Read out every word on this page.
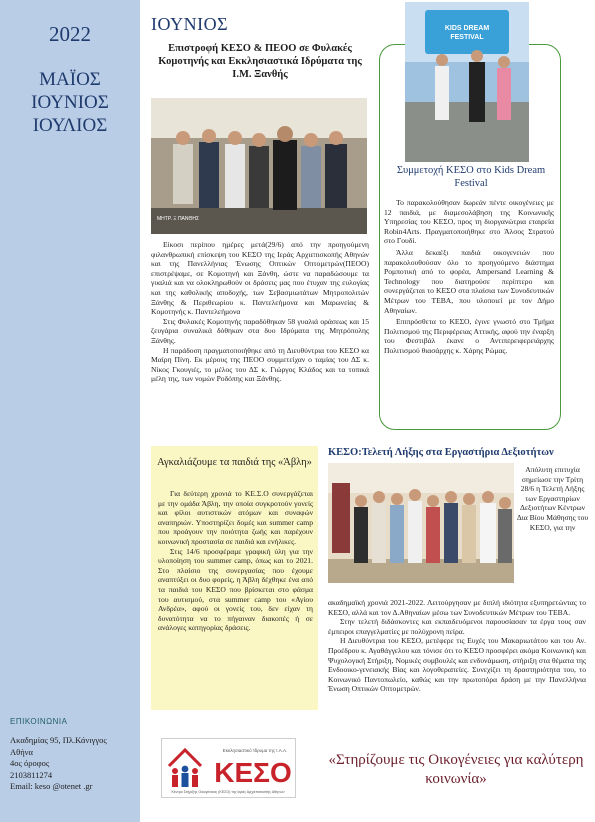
2022
ΜΑΪΟΣ
ΙΟΥΝΙΟΣ
ΙΟΥΛΙΟΣ
ΕΠΙΚΟΙΝΩΝΙΑ
Ακαδημίας 95, Πλ.Κάνιγγος
Αθήνα
4ος όροφος
2103811274
Email: keso @otenet .gr
ΙΟΥΝΙΟΣ
Επιστροφή ΚΕΣΟ & ΠΕΟΟ σε Φυλακές Κομοτηνής και Εκκλησιαστικά Ιδρύματα της Ι.Μ. Ξανθής
ΜΗΤΡ. Ξ ΠΑΝΘΗΣ

Είκοσι περίπου ημέρες μετά(29/6) από την προηγούμενη φιλανθρωπική επίσκεψη του ΚΕΣΟ της Ιεράς Αρχιεπισκοπής Αθηνών και της Πανελλήνιας Ένωσης Οπτικών Οπτομετρών(ΠΕΟΟ) επιστρέψαμε, σε Κομοτηνή και Ξάνθη, ώστε να παραδώσουμε τα γυαλιά και να ολοκληρωθούν οι δράσεις μας που έτυχαν της ευλογίας και της καθολικής αποδοχής, των Σεβασμιωτάτων Μητροπολιτών Ξάνθης & Περιθεωρίου κ. Παντελεήμονα και Μαρωνείας & Κομοτηνής κ. Παντελεήμονα

Στις Φυλακές Κομοτηνής παραδόθηκαν 58 γυαλιά οράσεως και 15 ζευγάρια συναλικά δόθηκαν στα δυο Ιδρύματα της Μητρόπολης Ξάνθης.

Η παράδοση πραγματοποιήθηκε από τη Διευθύντρια του ΚΕΣΟ κα Μαίρη Πίνη. Εκ μέρους της ΠΕΟΟ συμμετείχαν ο ταμίας του ΔΣ κ. Νίκος Γκουγιές, το μέλος του ΔΣ κ. Γιώργος Κλάδος και τα τοπικά μέλη της, των νομών Ροδόπης και Ξάνθης.

KIDS DREAM FESTIVAL
Συμμετοχή ΚΕΣΟ στο Kids Dream Festival

Το παρακολούθησαν δωρεάν πέντε οικογένειες με 12 παιδιά, με διαμεσολάβηση της Κοινωνικής Υπηρεσίας του ΚΕΣΟ, προς τη διοργανώτρια εταιρεία Robin4Arts. Πραγματοποιήθηκε στο Άλσος Στρατού στο Γουδί.

Άλλα δεκαέξι παιδιά οικογενειών που παρακολουθούσαν όλο το προηγούμενο διάστημα Ρομποτική από το φορέα, Ampersand Learning & Technology που διατηρούσε περίπτερο και συνεργάζεται το ΚΕΣΟ στα πλαίσια των Συνοδευτικών Μέτρων του ΤΕΒΑ, που υλοποιεί με τον Δήμο Αθηναίων.

Επιπρόσθετα το ΚΕΣΟ, έγινε γνωστό στο Τμήμα Πολιτισμού της Περιφέρειας Αττικής, αφού την έναρξη του Φεστιβάλ έκανε ο Αντιπερειφερειάρχης Πολιτισμού θιασάρχης κ. Χάρης Ρώμας.

Αγκαλιάζουμε τα παιδιά της «Άβλη»

Για δεύτερη χρονιά το ΚΕ.Σ.Ο συνεργάζεται με την ομάδα Άβλη, την οποία συγκροτούν γονείς και φίλοι αυτιστικών ατόμων και συναφών αναπηριών. Υποστηρίζει δομές και summer camp που προάγουν την ποιότητα ζωής και παρέχουν κοινωνική προστασία σε παιδιά και ενήλικες.

Στις 14/6 προσφέραμε γραφική ύλη για την υλοποίηση του summer camp, όπως και το 2021. Στο πλαίσιο της συνεργασίας που έχουμε αναπτύξει οι δυο φορείς, η Άβλη δέχθηκε ένα από τα παιδιά του ΚΕΣΟ που βρίσκεται στο φάσμα του αυτισμού, στα summer camp του «Αγίου Ανδρέα», αφού οι γονείς του, δεν είχαν τη δυνατότητα να το πήγαιναν διακοπές ή σε ανάλογες κατηγορίας δράσεις.

ΚΕΣΟ:Τελετή Λήξης στα Εργαστήρια Δεξιοτήτων
Απόλυτη επιτυχία σημείωσε την Τρίτη 28/6 η Τελετή Λήξης των Εργαστηρίων Δεξιοτήτων Κέντρων Δια Βίου Μάθησης του ΚΕΣΟ, για την

ακαδημαϊκή χρονιά 2021-2022. Λειτούργησαν με διπλή ιδιότητα εξυπηρετώντας το ΚΕΣΟ, αλλά και τον Δ.Αθηναίων μέσω των Συνοδευτικών Μέτρων του ΤΕΒΑ.

Στην τελετή διδάσκοντες και εκπαιδευόμενοι παρουσίασαν τα έργα τους σαν έμπειροι επαγγελματίες με πολύχρονη πείρα.

Η Διευθύντρια του ΚΕΣΟ, μετέφερε τις Ευχές του Μακαριωτάτου και του Αν. Προέδρου κ. Αγαθάγγελου και τόνισε ότι το ΚΕΣΟ προσφέρει ακόμα Κοινωνική και Ψυχολογική Στήριξη, Νομικές συμβουλές και ενδυνάμωση, στήριξη στα θέματα της Ενδοοικο-γενειακής Βίας και λογοθεραπείες. Συνεχίζει τη δραστηριότητα του, το Κοινωνικό Παντοπωλείο, καθώς και την πρωτοπόρα δράση με την Πανελλήνια Ένωση Οπτικών Οπτομετρών.

Εκκλησιαστικό Ίδρυμα της Ι.Α.Α.
ΚΕΣΟ
Κέντρο Στήριξης Οικογένειας (ΚΕΣΟ) της Ιεράς Αρχιεπισκοπής Αθηνών
«Στηρίζουμε τις Οικογένειες για καλύτερη κοινωνία»
